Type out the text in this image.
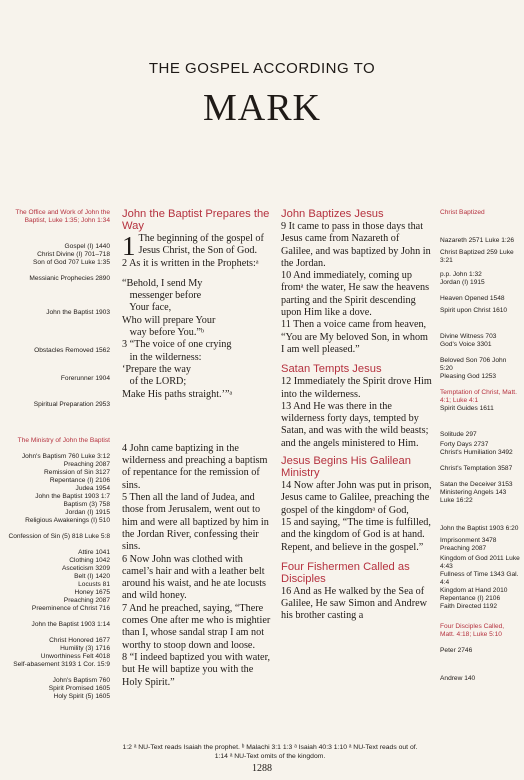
THE GOSPEL ACCORDING TO
MARK
The Office and Work of John the Baptist, Luke 1:35; John 1:34
Gospel (I) 1440
Christ Divine (I) 701–718
Son of God 707 Luke 1:35
Messianic Prophecies 2890
John the Baptist 1903
Obstacles Removed 1562
Forerunner 1904
Spiritual Preparation 2953
The Ministry of John the Baptist
John's Baptism 760 Luke 3:12
Preaching 2087
Remission of Sin 3127
Repentance (I) 2106
Judea 1954
John the Baptist 1903 1:7
Baptism (3) 758
Jordan (I) 1915
Religious Awakenings (I) 510
Confession of Sin (5) 818 Luke 5:8
Attire 1041
Clothing 1042
Asceticism 3209
Belt (I) 1420
Locusts 81
Honey 1675
Preaching 2087
Preeminence of Christ 716
John the Baptist 1903 1:14
Christ Honored 1677
Humility (3) 1716
Unworthiness Felt 4018
Self-abasement 3193 1 Cor. 15:9
John's Baptism 760
Spirit Promised 1605
Holy Spirit (5) 1605
John the Baptist Prepares the Way

1 The beginning of the gospel of Jesus Christ, the Son of God.

2 As it is written in the Prophets:ᵃ

“Behold, I send My
messenger before
Your face,
Who will prepare Your
way before You.”ᵇ
3 “The voice of one crying
in the wilderness:
‘Prepare the way
of the LORD;
Make His paths straight.’”ᵃ

4 John came baptizing in the wilderness and preaching a baptism of repentance for the remission of sins.

5 Then all the land of Judea, and those from Jerusalem, went out to him and were all baptized by him in the Jordan River, confessing their sins.

6 Now John was clothed with camel’s hair and with a leather belt around his waist, and he ate locusts and wild honey.

7 And he preached, saying, “There comes One after me who is mightier than I, whose sandal strap I am not worthy to stoop down and loose.

8 “I indeed baptized you with water, but He will baptize you with the Holy Spirit.”

John Baptizes Jesus

9 It came to pass in those days that Jesus came from Nazareth of Galilee, and was baptized by John in the Jordan.

10 And immediately, coming up fromᵃ the water, He saw the heavens parting and the Spirit descending upon Him like a dove.

11 Then a voice came from heaven, “You are My beloved Son, in whom I am well pleased.”

Satan Tempts Jesus

12 Immediately the Spirit drove Him into the wilderness.

13 And He was there in the wilderness forty days, tempted by Satan, and was with the wild beasts; and the angels ministered to Him.

Jesus Begins His Galilean Ministry

14 Now after John was put in prison, Jesus came to Galilee, preaching the gospel of the kingdomᵃ of God,

15 and saying, “The time is fulfilled, and the kingdom of God is at hand. Repent, and believe in the gospel.”

Four Fishermen Called as Disciples

16 And as He walked by the Sea of Galilee, He saw Simon and Andrew his brother casting a

Christ Baptized
Nazareth 2571 Luke 1:26
Christ Baptized 259 Luke 3:21
p.p. John 1:32
Jordan (I) 1915
Heaven Opened 1548
Spirit upon Christ 1610
Divine Witness 703
God's Voice 3301
Beloved Son 706 John 5:20
Pleasing God 1253
Temptation of Christ, Matt. 4:1; Luke 4:1
Spirit Guides 1611
Solitude 297
Forty Days 2737
Christ's Humiliation 3492
Christ's Temptation 3587
Satan the Deceiver 3153
Ministering Angels 143 Luke 16:22
John the Baptist 1903 6:20
Imprisonment 3478
Preaching 2087
Kingdom of God 2011 Luke 4:43
Fullness of Time 1343 Gal. 4:4
Kingdom at Hand 2010
Repentance (I) 2106
Faith Directed 1192
Four Disciples Called, Matt. 4:18; Luke 5:10
Peter 2746
Andrew 140
1:2 ᵃ NU-Text reads Isaiah the prophet. ᵇ Malachi 3:1 1:3 ᵃ Isaiah 40:3 1:10 ᵃ NU-Text reads out of.
1:14 ᵃ NU-Text omits of the kingdom.
1288
